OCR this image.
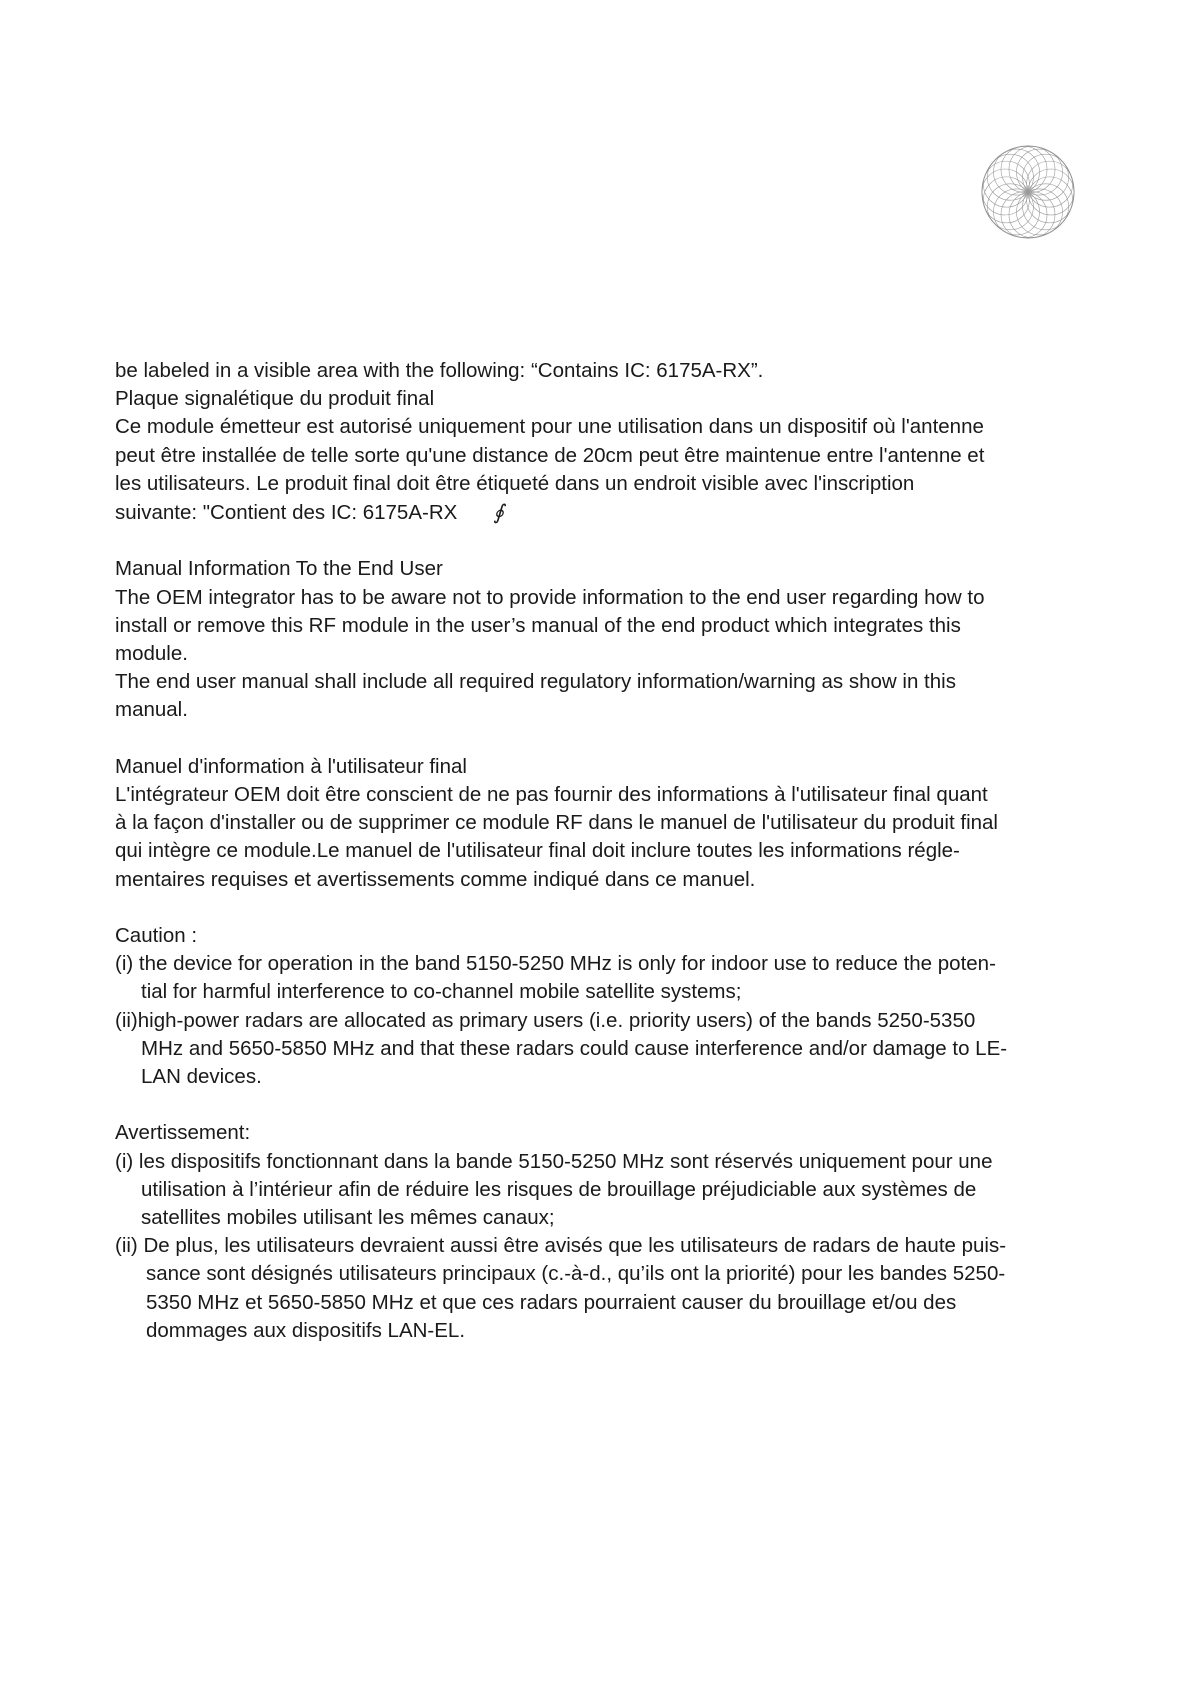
be labeled in a visible area with the following: “Contains IC: 6175A-RX”.

Plaque signalétique du produit final

Ce module émetteur est autorisé uniquement pour une utilisation dans un dispositif où l'antenne

peut être installée de telle sorte qu'une distance de 20cm peut être maintenue entre l'antenne et

les utilisateurs. Le produit final doit être étiqueté dans un endroit visible avec l'inscription

suivante: "Contient des IC: 6175A-RX ∮

Manual Information To the End User

The OEM integrator has to be aware not to provide information to the end user regarding how to

install or remove this RF module in the user’s manual of the end product which integrates this

module.

The end user manual shall include all required regulatory information/warning as show in this

manual.

Manuel d'information à l'utilisateur final

L'intégrateur OEM doit être conscient de ne pas fournir des informations à l'utilisateur final quant

à la façon d'installer ou de supprimer ce module RF dans le manuel de l'utilisateur du produit final

qui intègre ce module.Le manuel de l'utilisateur final doit inclure toutes les informations régle-

mentaires requises et avertissements comme indiqué dans ce manuel.

Caution :

(i) the device for operation in the band 5150-5250 MHz is only for indoor use to reduce the poten-

tial for harmful interference to co-channel mobile satellite systems;

(ii)high-power radars are allocated as primary users (i.e. priority users) of the bands 5250-5350

MHz and 5650-5850 MHz and that these radars could cause interference and/or damage to LE-

LAN devices.

Avertissement:

(i) les dispositifs fonctionnant dans la bande 5150-5250 MHz sont réservés uniquement pour une

utilisation à l’intérieur afin de réduire les risques de brouillage préjudiciable aux systèmes de

satellites mobiles utilisant les mêmes canaux;

(ii) De plus, les utilisateurs devraient aussi être avisés que les utilisateurs de radars de haute puis-

sance sont désignés utilisateurs principaux (c.-à-d., qu’ils ont la priorité) pour les bandes 5250-

5350 MHz et 5650-5850 MHz et que ces radars pourraient causer du brouillage et/ou des

dommages aux dispositifs LAN-EL.
